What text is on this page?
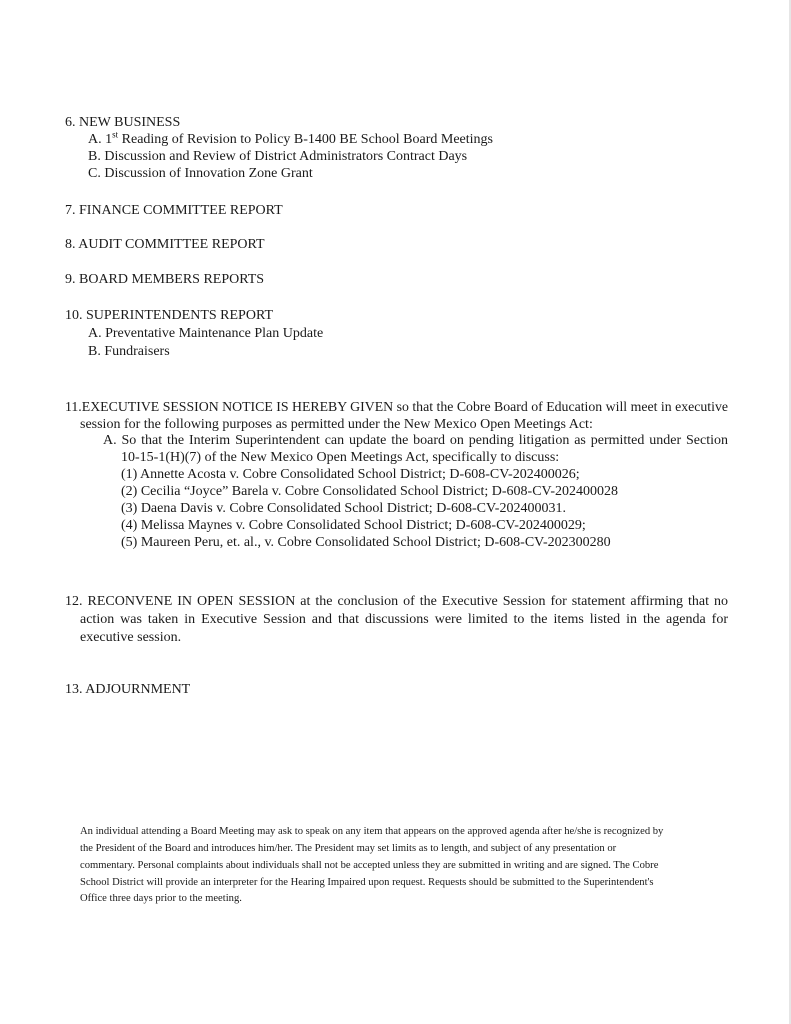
6. NEW BUSINESS
A. 1st Reading of Revision to Policy B-1400 BE School Board Meetings
B. Discussion and Review of District Administrators Contract Days
C. Discussion of Innovation Zone Grant
7. FINANCE COMMITTEE REPORT
8. AUDIT COMMITTEE REPORT
9. BOARD MEMBERS REPORTS
10. SUPERINTENDENTS REPORT
A. Preventative Maintenance Plan Update
B. Fundraisers
11.EXECUTIVE SESSION NOTICE IS HEREBY GIVEN so that the Cobre Board of Education will meet in executive
session for the following purposes as permitted under the New Mexico Open Meetings Act:
A. So that the Interim Superintendent can update the board on pending litigation as permitted under Section
10-15-1(H)(7) of the New Mexico Open Meetings Act, specifically to discuss:
(1) Annette Acosta v. Cobre Consolidated School District; D-608-CV-202400026;
(2) Cecilia “Joyce” Barela v. Cobre Consolidated School District; D-608-CV-202400028
(3) Daena Davis v. Cobre Consolidated School District; D-608-CV-202400031.
(4) Melissa Maynes v. Cobre Consolidated School District; D-608-CV-202400029;
(5) Maureen Peru, et. al., v. Cobre Consolidated School District; D-608-CV-202300280
12. RECONVENE IN OPEN SESSION at the conclusion of the Executive Session for statement affirming that no
action was taken in Executive Session and that discussions were limited to the items listed in the agenda for
executive session.
13. ADJOURNMENT
An individual attending a Board Meeting may ask to speak on any item that appears on the approved agenda after he/she is recognized by
the President of the Board and introduces him/her. The President may set limits as to length, and subject of any presentation or
commentary. Personal complaints about individuals shall not be accepted unless they are submitted in writing and are signed. The Cobre
School District will provide an interpreter for the Hearing Impaired upon request. Requests should be submitted to the Superintendent's
Office three days prior to the meeting.
